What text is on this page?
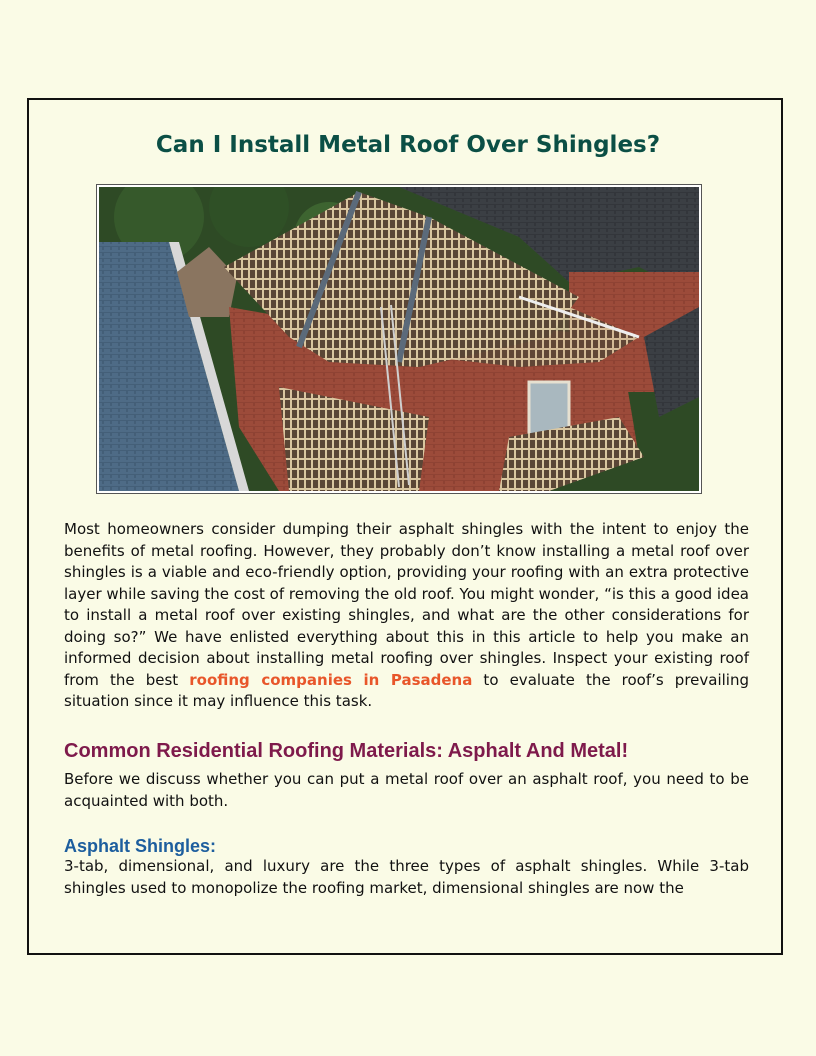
Can I Install Metal Roof Over Shingles?

Most homeowners consider dumping their asphalt shingles with the intent to enjoy the benefits of metal roofing. However, they probably don’t know installing a metal roof over shingles is a viable and eco-friendly option, providing your roofing with an extra protective layer while saving the cost of removing the old roof. You might wonder, “is this a good idea to install a metal roof over existing shingles, and what are the other considerations for doing so?” We have enlisted everything about this in this article to help you make an informed decision about installing metal roofing over shingles. Inspect your existing roof from the best roofing companies in Pasadena to evaluate the roof’s prevailing situation since it may influence this task.

Common Residential Roofing Materials: Asphalt And Metal!

Before we discuss whether you can put a metal roof over an asphalt roof, you need to be acquainted with both.

Asphalt Shingles:

3-tab, dimensional, and luxury are the three types of asphalt shingles. While 3-tab shingles used to monopolize the roofing market, dimensional shingles are now the
